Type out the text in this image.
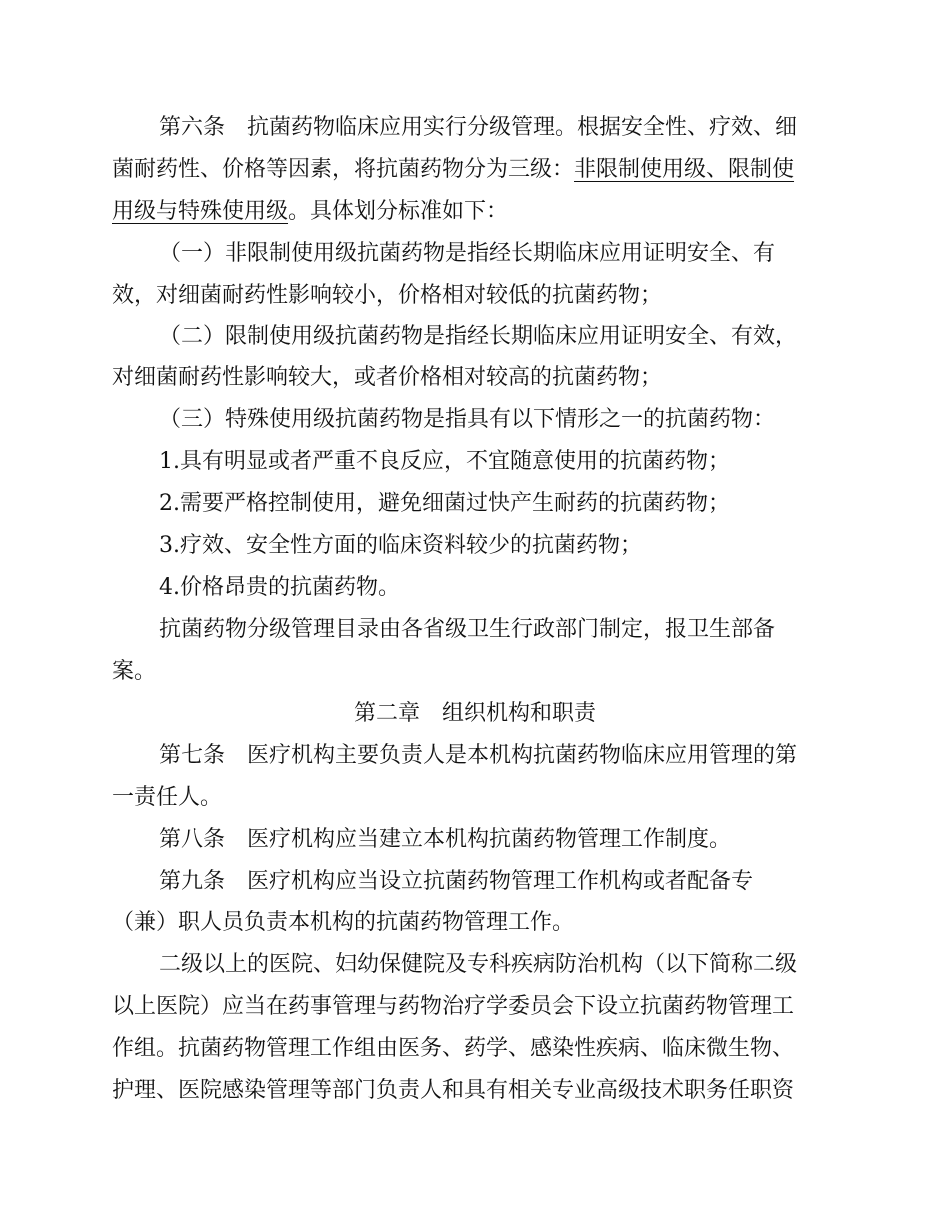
第六条　抗菌药物临床应用实行分级管理。根据安全性、疗效、细
菌耐药性、价格等因素，将抗菌药物分为三级：非限制使用级、限制使
用级与特殊使用级。具体划分标准如下：
（一）非限制使用级抗菌药物是指经长期临床应用证明安全、有
效，对细菌耐药性影响较小，价格相对较低的抗菌药物；
（二）限制使用级抗菌药物是指经长期临床应用证明安全、有效，
对细菌耐药性影响较大，或者价格相对较高的抗菌药物；
（三）特殊使用级抗菌药物是指具有以下情形之一的抗菌药物：
1.具有明显或者严重不良反应，不宜随意使用的抗菌药物；
2.需要严格控制使用，避免细菌过快产生耐药的抗菌药物；
3.疗效、安全性方面的临床资料较少的抗菌药物；
4.价格昂贵的抗菌药物。
抗菌药物分级管理目录由各省级卫生行政部门制定，报卫生部备
案。
第二章　组织机构和职责
第七条　医疗机构主要负责人是本机构抗菌药物临床应用管理的第
一责任人。
第八条　医疗机构应当建立本机构抗菌药物管理工作制度。
第九条　医疗机构应当设立抗菌药物管理工作机构或者配备专
（兼）职人员负责本机构的抗菌药物管理工作。
二级以上的医院、妇幼保健院及专科疾病防治机构（以下简称二级
以上医院）应当在药事管理与药物治疗学委员会下设立抗菌药物管理工
作组。抗菌药物管理工作组由医务、药学、感染性疾病、临床微生物、
护理、医院感染管理等部门负责人和具有相关专业高级技术职务任职资
